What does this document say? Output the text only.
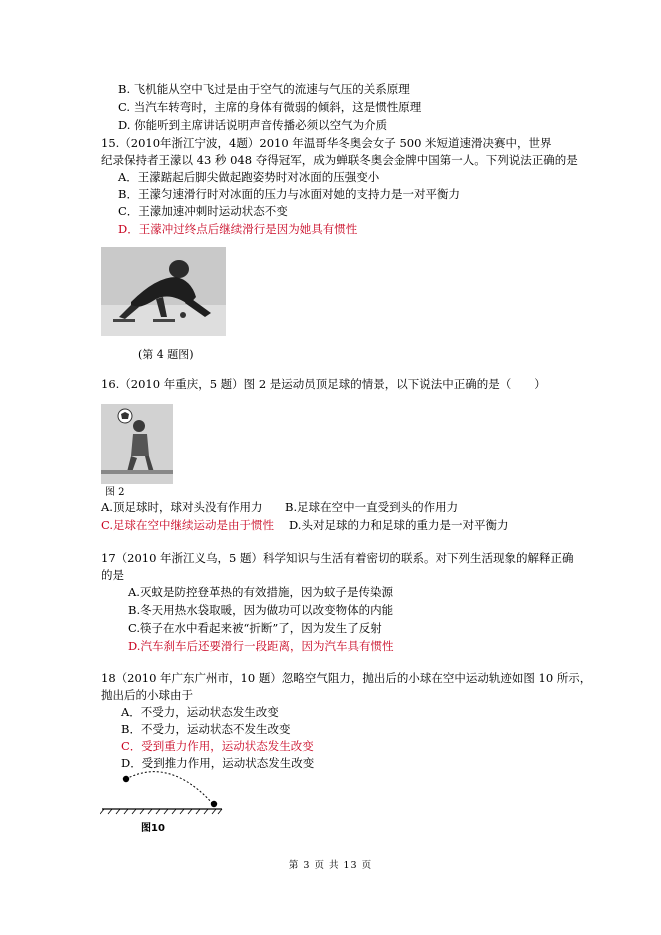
B. 飞机能从空中飞过是由于空气的流速与气压的关系原理
C. 当汽车转弯时，主席的身体有微弱的倾斜，这是惯性原理
D. 你能听到主席讲话说明声音传播必须以空气为介质
15.（2010年浙江宁波，4题）2010 年温哥华冬奥会女子 500 米短道速滑决赛中，世界
纪录保持者王濛以 43 秒 048 夺得冠军，成为蝉联冬奥会金牌中国第一人。下列说法正确的是
A．王濛踮起后脚尖做起跑姿势时对冰面的压强变小
B．王濛匀速滑行时对冰面的压力与冰面对她的支持力是一对平衡力
C．王濛加速冲刺时运动状态不变
D．王濛冲过终点后继续滑行是因为她具有惯性
(第 4 题图)
16.（2010 年重庆，5 题）图 2 是运动员顶足球的情景，以下说法中正确的是（　　）
图 2
A.顶足球时，球对头没有作用力 B.足球在空中一直受到头的作用力
C.足球在空中继续运动是由于惯性 D.头对足球的力和足球的重力是一对平衡力
17（2010 年浙江义乌，5 题）科学知识与生活有着密切的联系。对下列生活现象的解释正确
的是
A.灭蚊是防控登革热的有效措施，因为蚊子是传染源
B.冬天用热水袋取暖，因为做功可以改变物体的内能
C.筷子在水中看起来被“折断”了，因为发生了反射
D.汽车刹车后还要滑行一段距离，因为汽车具有惯性
18（2010 年广东广州市，10 题）忽略空气阻力，抛出后的小球在空中运动轨迹如图 10 所示，
抛出后的小球由于
A．不受力，运动状态发生改变
B．不受力，运动状态不发生改变
C．受到重力作用，运动状态发生改变
D．受到推力作用，运动状态发生改变
图10
第 3 页 共 13 页
